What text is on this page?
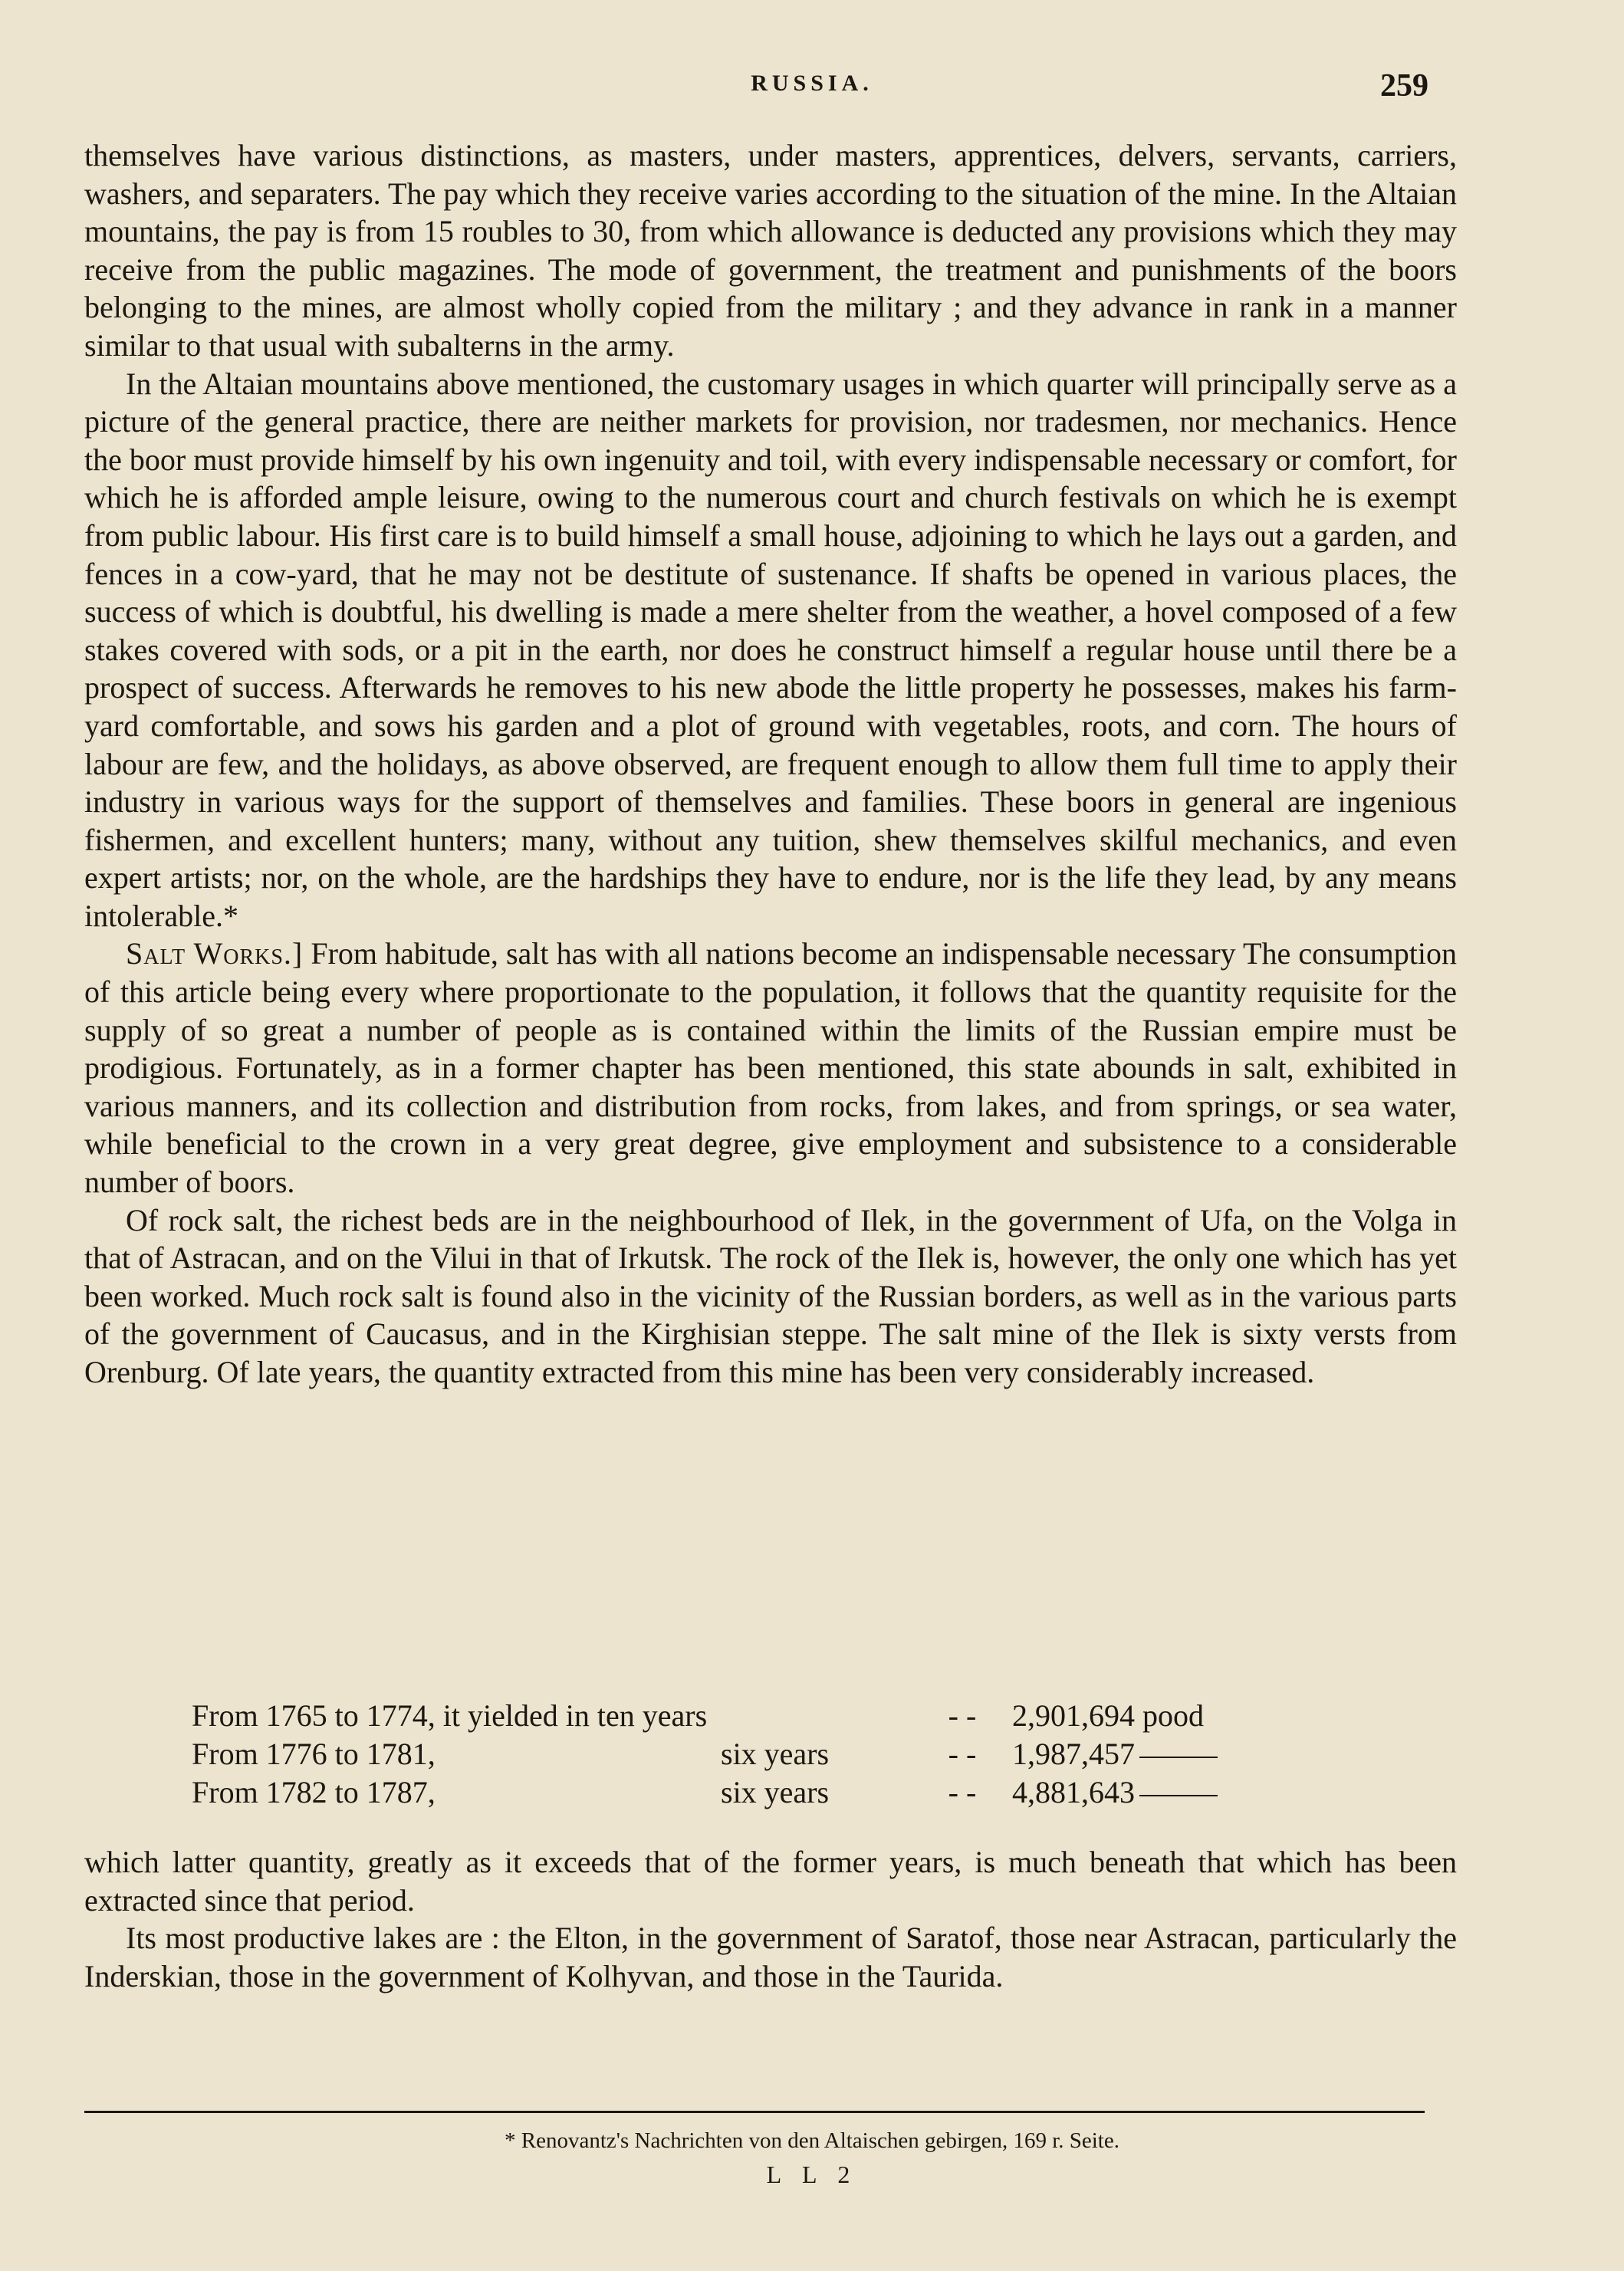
RUSSIA.	259

themselves have various distinctions, as masters, under masters, apprentices, delvers, servants, carriers, washers, and separaters. The pay which they receive varies according to the situation of the mine. In the Altaian mountains, the pay is from 15 roubles to 30, from which allowance is deducted any provisions which they may receive from the public magazines. The mode of government, the treatment and punishments of the boors belonging to the mines, are almost wholly copied from the military ; and they advance in rank in a manner similar to that usual with subalterns in the army.

In the Altaian mountains above mentioned, the customary usages in which quarter will principally serve as a picture of the general practice, there are neither markets for provision, nor tradesmen, nor mechanics. Hence the boor must provide himself by his own ingenuity and toil, with every indispensable necessary or comfort, for which he is afforded ample leisure, owing to the numerous court and church festivals on which he is exempt from public labour. His first care is to build himself a small house, adjoining to which he lays out a garden, and fences in a cow-yard, that he may not be destitute of sustenance. If shafts be opened in various places, the success of which is doubtful, his dwelling is made a mere shelter from the weather, a hovel composed of a few stakes covered with sods, or a pit in the earth, nor does he construct himself a regular house until there be a prospect of success. Afterwards he removes to his new abode the little property he possesses, makes his farm-yard comfortable, and sows his garden and a plot of ground with vegetables, roots, and corn. The hours of labour are few, and the holidays, as above observed, are frequent enough to allow them full time to apply their industry in various ways for the support of themselves and families. These boors in general are ingenious fishermen, and excellent hunters; many, without any tuition, shew themselves skilful mechanics, and even expert artists; nor, on the whole, are the hardships they have to endure, nor is the life they lead, by any means intolerable.*

Salt Works.] From habitude, salt has with all nations become an indispensable necessary The consumption of this article being every where proportionate to the population, it follows that the quantity requisite for the supply of so great a number of people as is contained within the limits of the Russian empire must be prodigious. Fortunately, as in a former chapter has been mentioned, this state abounds in salt, exhibited in various manners, and its collection and distribution from rocks, from lakes, and from springs, or sea water, while beneficial to the crown in a very great degree, give employment and subsistence to a considerable number of boors.

Of rock salt, the richest beds are in the neighbourhood of Ilek, in the government of Ufa, on the Volga in that of Astracan, and on the Vilui in that of Irkutsk. The rock of the Ilek is, however, the only one which has yet been worked. Much rock salt is found also in the vicinity of the Russian borders, as well as in the various parts of the government of Caucasus, and in the Kirghisian steppe. The salt mine of the Ilek is sixty versts from Orenburg. Of late years, the quantity extracted from this mine has been very considerably increased.

From 1765 to 1774, it yielded in ten years		- -	2,901,694 pood
From 1776 to 1781,	six years	- -	1,987,457
From 1782 to 1787,	six years	- -	4,881,643

which latter quantity, greatly as it exceeds that of the former years, is much beneath that which has been extracted since that period.

Its most productive lakes are : the Elton, in the government of Saratof, those near Astracan, particularly the Inderskian, those in the government of Kolhyvan, and those in the Taurida.

* Renovantz's Nachrichten von den Altaischen gebirgen, 169 r. Seite.
L L 2
